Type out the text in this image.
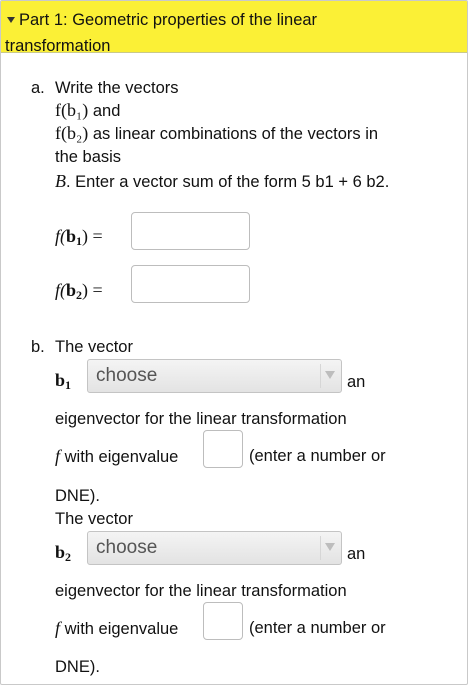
Part 1: Geometric properties of the linear
transformation
a. Write the vectors
f(b₁) and
f(b₂) as linear combinations of the vectors in
the basis
B. Enter a vector sum of the form 5 b1 + 6 b2.
$f(b_1)$ =
$f(b_2)$ =
b. The vector
$b_1$	choose	an
eigenvector for the linear transformation
f with eigenvalue	(enter a number or
DNE).
The vector
$b_2$	choose	an
eigenvector for the linear transformation
f with eigenvalue	(enter a number or
DNE).
